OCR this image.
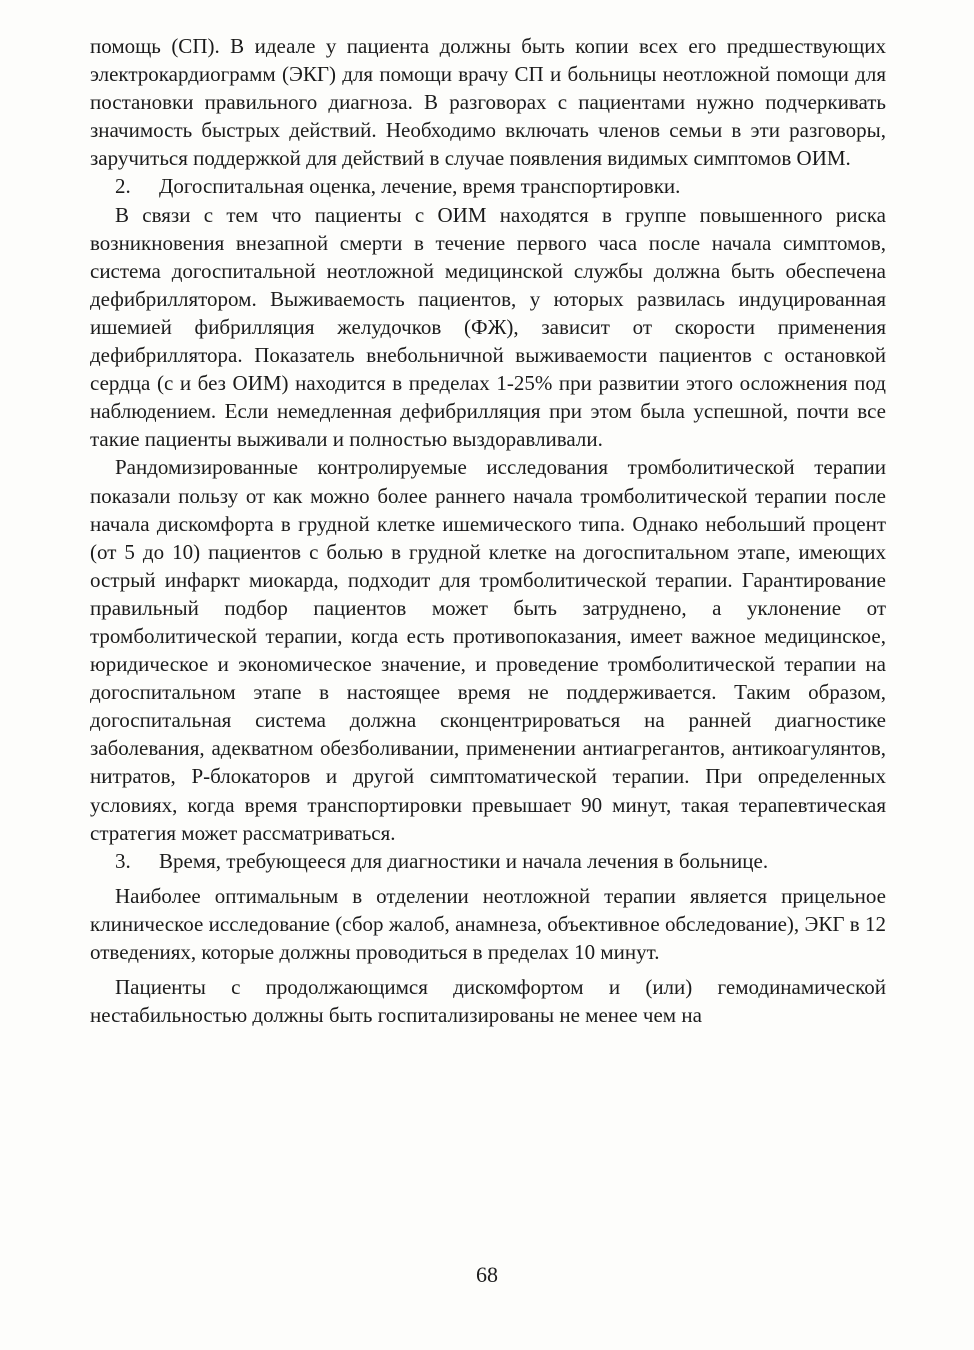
помощь (СП). В идеале у пациента должны быть копии всех его предшествующих электрокардиограмм (ЭКГ) для помощи врачу СП и больницы неотложной помощи для постановки правильного диагноза. В разговорах с пациентами нужно подчеркивать значимость быстрых действий. Необходимо включать членов семьи в эти разговоры, заручиться поддержкой для действий в случае появления видимых симптомов ОИМ.

2. Догоспитальная оценка, лечение, время транспортировки.

В связи с тем что пациенты с ОИМ находятся в группе повышенного риска возникновения внезапной смерти в течение первого часа после начала симптомов, система догоспитальной неотложной медицинской службы должна быть обеспечена дефибриллятором. Выживаемость пациентов, у юторых развилась индуцированная ишемией фибрилляция желудочков (ФЖ), зависит от скорости применения дефибриллятора. Показатель внебольничной выживаемости пациентов с остановкой сердца (с и без ОИМ) находится в пределах 1-25% при развитии этого осложнения под наблюдением. Если немедленная дефибрилляция при этом была успешной, почти все такие пациенты выживали и полностью выздоравливали.

Рандомизированные контролируемые исследования тромболитической терапии показали пользу от как можно более раннего начала тромболитической терапии после начала дискомфорта в грудной клетке ишемического типа. Однако небольший процент (от 5 до 10) пациентов с болью в грудной клетке на догоспитальном этапе, имеющих острый инфаркт миокарда, подходит для тромболитической терапии. Гарантирование правильный подбор пациентов может быть затруднено, а уклонение от тромболитической терапии, когда есть противопоказания, имеет важное медицинское, юридическое и экономическое значение, и проведение тромболитической терапии на догоспитальном этапе в настоящее время не поддерживается. Таким образом, догоспитальная система должна сконцентрироваться на ранней диагностике заболевания, адекватном обезболивании, применении антиагрегантов, антикоагулянтов, нитратов, Р-блокаторов и другой симптоматической терапии. При определенных условиях, когда время транспортировки превышает 90 минут, такая терапевтическая стратегия может рассматриваться.

3. Время, требующееся для диагностики и начала лечения в больнице.

Наиболее оптимальным в отделении неотложной терапии является прицельное клиническое исследование (сбор жалоб, анамнеза, объективное обследование), ЭКГ в 12 отведениях, которые должны проводиться в пределах 10 минут.

Пациенты с продолжающимся дискомфортом и (или) гемодинамической нестабильностью должны быть госпитализированы не менее чем на

68
